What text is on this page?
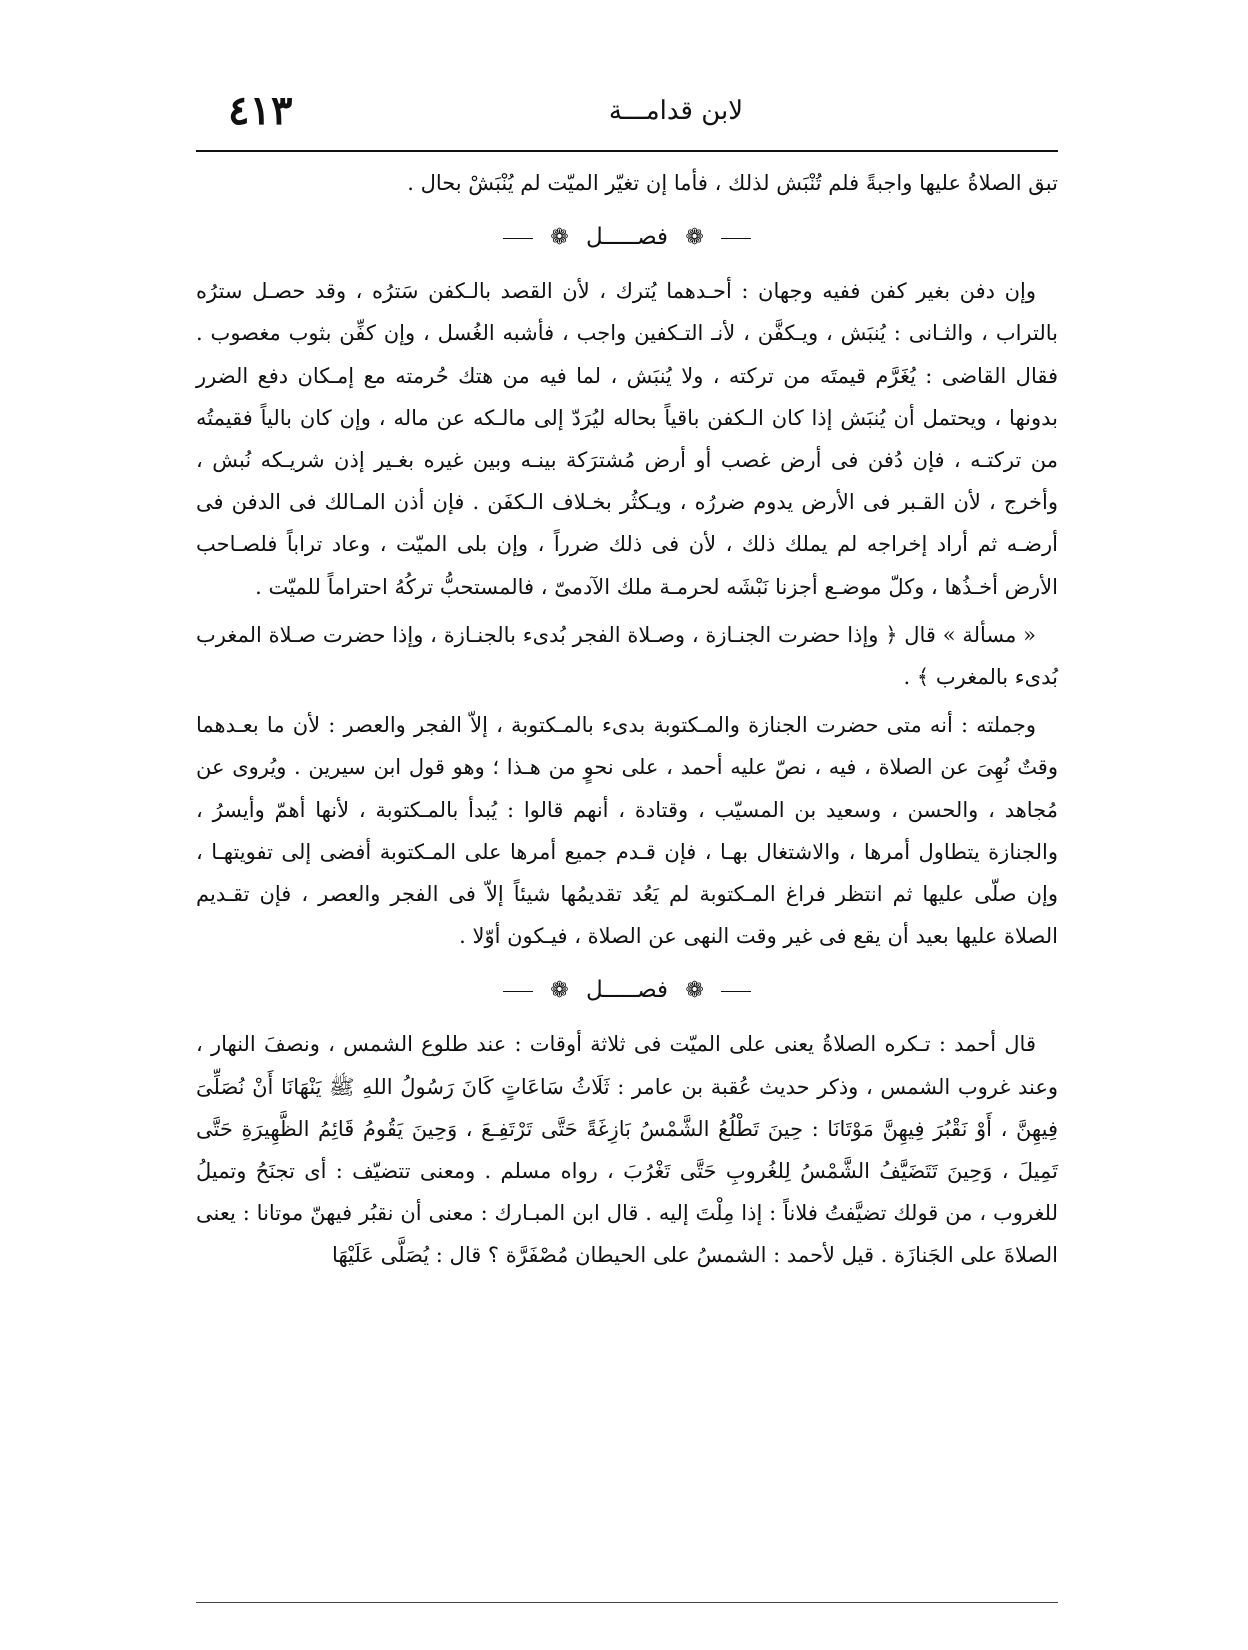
٤١٣	لابن قدامـــة

تبق الصلاةُ عليها واجبةً فلم تُنْبَش لذلك ، فأما إن تغيّر الميّت لم يُنْبَشْ بحال .

❁ فصـــــل ❁

وإن دفن بغير كفن ففيه وجهان : أحـدهما يُترك ، لأن القصد بالـكفن سَترُه ، وقد حصـل سترُه بالتراب ، والثـانى : يُنبَش ، ويـكفَّن ، لأنـ التـكفين واجب ، فأشبه الغُسل ، وإن كفِّن بثوب مغصوب . فقال القاضى : يُغَرَّم قيمتَه من تركته ، ولا يُنبَش ، لما فيه من هتك حُرمته مع إمـكان دفع الضرر بدونها ، ويحتمل أن يُنبَش إذا كان الـكفن باقياً بحاله ليُرَدّ إلى مالـكه عن ماله ، وإن كان بالياً فقيمتُه من تركتـه ، فإن دُفن فى أرض غصب أو أرض مُشترَكة بينـه وبين غيره بغـير إذن شريـكه نُبش ، وأخرج ، لأن القـبر فى الأرض يدوم ضررُه ، ويـكثُر بخـلاف الـكفَن . فإن أذن المـالك فى الدفن فى أرضـه ثم أراد إخراجه لم يملك ذلك ، لأن فى ذلك ضرراً ، وإن بلى الميّت ، وعاد تراباً فلصـاحب الأرض أخـذُها ، وكلّ موضـع أجزنا نَبْشَه لحرمـة ملك الآدمىّ ، فالمستحبُّ تركُهُ احتراماً للميّت .

« مسألة » قال ﴿ وإذا حضرت الجنـازة ، وصـلاة الفجر بُدىء بالجنـازة ، وإذا حضرت صـلاة المغرب بُدىء بالمغرب ﴾ .

وجملته : أنه متى حضرت الجنازة والمـكتوبة بدىء بالمـكتوبة ، إلاّ الفجر والعصر : لأن ما بعـدهما وقتٌ نُهِىَ عن الصلاة ، فيه ، نصّ عليه أحمد ، على نحوٍ من هـذا ؛ وهو قول ابن سيرين . ويُروى عن مُجاهد ، والحسن ، وسعيد بن المسيّب ، وقتادة ، أنهم قالوا : يُبدأ بالمـكتوبة ، لأنها أهمّ وأيسرُ ، والجنازة يتطاول أمرها ، والاشتغال بهـا ، فإن قـدم جميع أمرها على المـكتوبة أفضى إلى تفويتهـا ، وإن صلّى عليها ثم انتظر فراغ المـكتوبة لم يَعُد تقديمُها شيئاً إلاّ فى الفجر والعصر ، فإن تقـديم الصلاة عليها بعيد أن يقع فى غير وقت النهى عن الصلاة ، فيـكون أوّلا .

❁ فصـــــل ❁

قال أحمد : تـكره الصلاةُ يعنى على الميّت فى ثلاثة أوقات : عند طلوع الشمس ، ونصفَ النهار ، وعند غروب الشمس ، وذكر حديث عُقبة بن عامر : ثَلَاثُ سَاعَاتٍ كَانَ رَسُولُ اللهِ ﷺ يَنْهَانَا أَنْ نُصَلِّىَ فِيهِنَّ ، أَوْ نَقْبُرَ فِيهِنَّ مَوْتَانَا : حِينَ تَطْلُعُ الشَّمْسُ بَازِغَةً حَتَّى تَرْتَفِـعَ ، وَحِينَ يَقُومُ قَائِمُ الظَّهِيرَةِ حَتَّى تَمِيلَ ، وَحِينَ تَتَضَيَّفُ الشَّمْسُ لِلغُروبِ حَتَّى تَغْرُبَ ، رواه مسلم . ومعنى تتضيّف : أى تجنَحُ وتميلُ للغروب ، من قولك تضيَّفتُ فلاناً : إذا مِلْتَ إليه . قال ابن المبـارك : معنى أن نقبُر فيهنّ موتانا : يعنى الصلاةَ على الجَنازَة . قيل لأحمد : الشمسُ على الحيطان مُصْفَرَّة ؟ قال : يُصَلَّى عَلَيْهَا
